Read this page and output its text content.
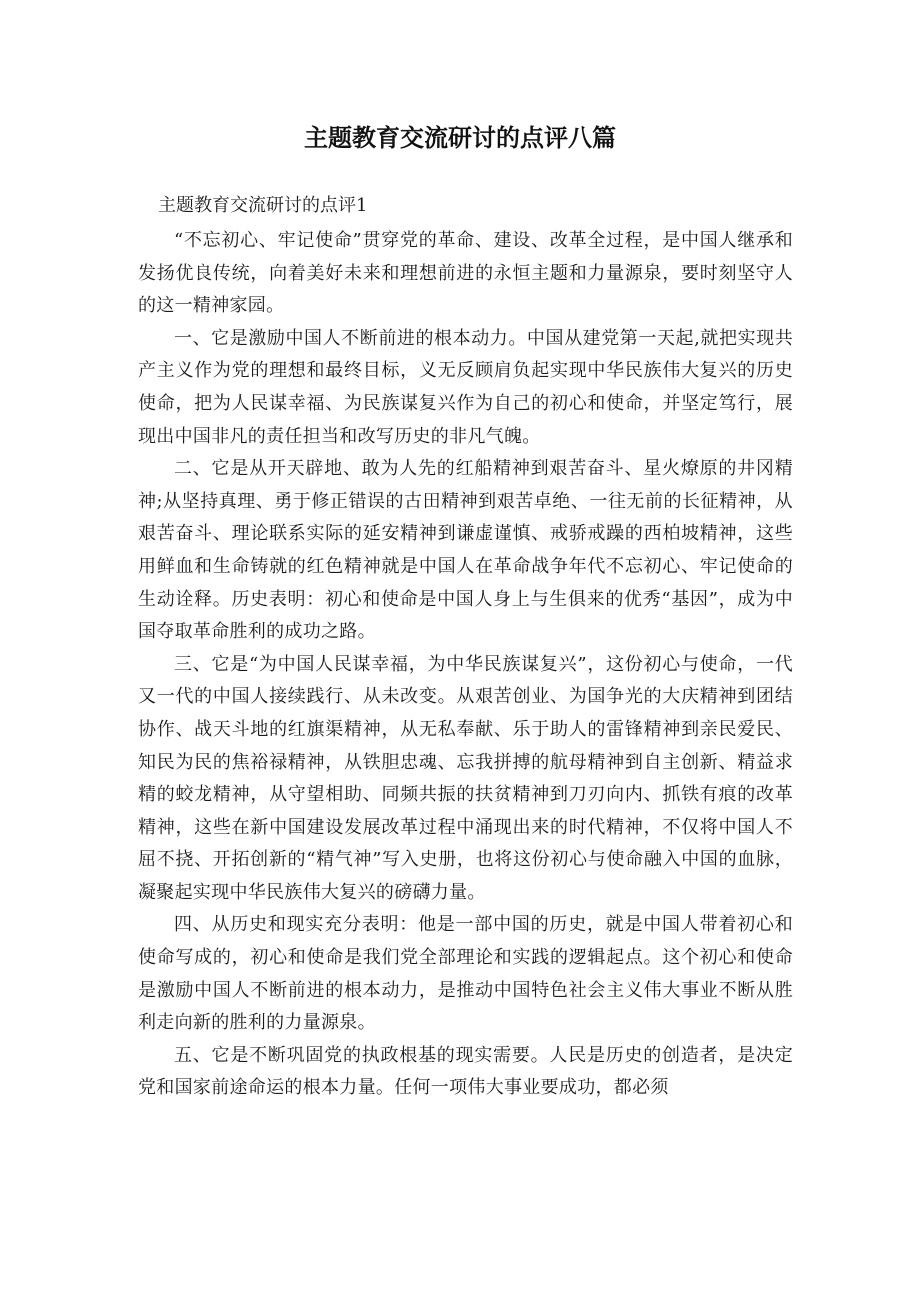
主题教育交流研讨的点评八篇

主题教育交流研讨的点评1

“不忘初心、牢记使命”贯穿党的革命、建设、改革全过程，是中国人继承和发扬优良传统，向着美好未来和理想前进的永恒主题和力量源泉，要时刻坚守人的这一精神家园。

一、它是激励中国人不断前进的根本动力。中国从建党第一天起,就把实现共产主义作为党的理想和最终目标，义无反顾肩负起实现中华民族伟大复兴的历史使命，把为人民谋幸福、为民族谋复兴作为自己的初心和使命，并坚定笃行，展现出中国非凡的责任担当和改写历史的非凡气魄。

二、它是从开天辟地、敢为人先的红船精神到艰苦奋斗、星火燎原的井冈精神;从坚持真理、勇于修正错误的古田精神到艰苦卓绝、一往无前的长征精神，从艰苦奋斗、理论联系实际的延安精神到谦虚谨慎、戒骄戒躁的西柏坡精神，这些用鲜血和生命铸就的红色精神就是中国人在革命战争年代不忘初心、牢记使命的生动诠释。历史表明：初心和使命是中国人身上与生俱来的优秀“基因”，成为中国夺取革命胜利的成功之路。

三、它是“为中国人民谋幸福，为中华民族谋复兴”，这份初心与使命，一代又一代的中国人接续践行、从未改变。从艰苦创业、为国争光的大庆精神到团结协作、战天斗地的红旗渠精神，从无私奉献、乐于助人的雷锋精神到亲民爱民、知民为民的焦裕禄精神，从铁胆忠魂、忘我拼搏的航母精神到自主创新、精益求精的蛟龙精神，从守望相助、同频共振的扶贫精神到刀刃向内、抓铁有痕的改革精神，这些在新中国建设发展改革过程中涌现出来的时代精神，不仅将中国人不屈不挠、开拓创新的“精气神”写入史册，也将这份初心与使命融入中国的血脉，凝聚起实现中华民族伟大复兴的磅礴力量。

四、从历史和现实充分表明：他是一部中国的历史，就是中国人带着初心和使命写成的，初心和使命是我们党全部理论和实践的逻辑起点。这个初心和使命是激励中国人不断前进的根本动力，是推动中国特色社会主义伟大事业不断从胜利走向新的胜利的力量源泉。

五、它是不断巩固党的执政根基的现实需要。人民是历史的创造者，是决定党和国家前途命运的根本力量。任何一项伟大事业要成功，都必须
